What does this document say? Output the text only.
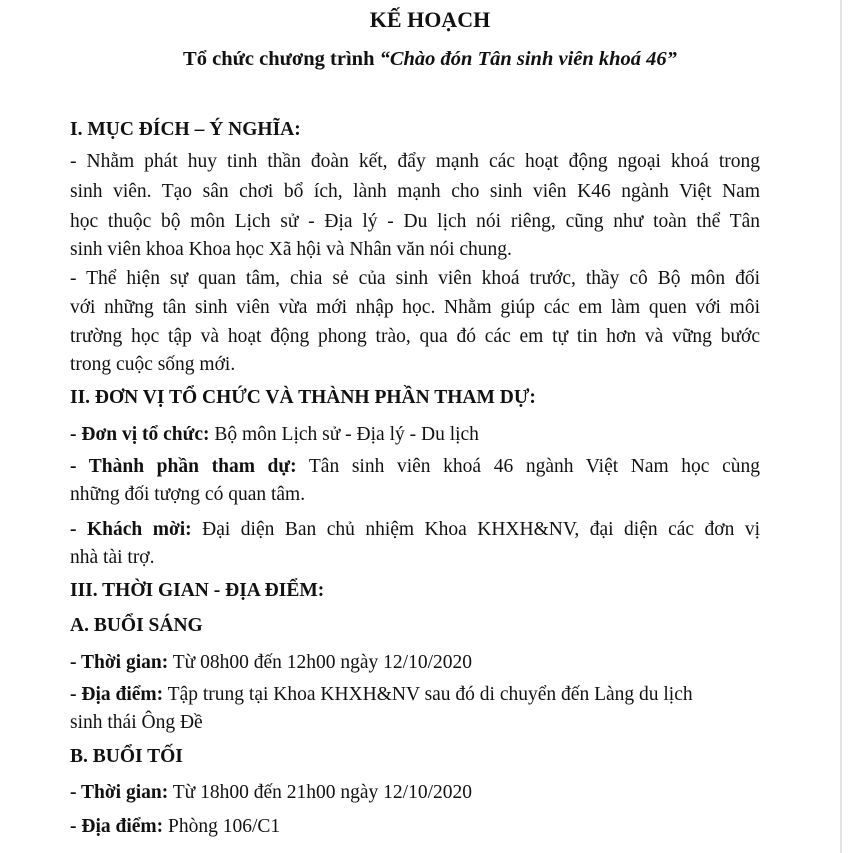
KẾ HOẠCH
Tổ chức chương trình “Chào đón Tân sinh viên khoá 46”
I. MỤC ĐÍCH – Ý NGHĨA:
- Nhằm phát huy tinh thần đoàn kết, đẩy mạnh các hoạt động ngoại khoá trong
sinh viên. Tạo sân chơi bổ ích, lành mạnh cho sinh viên K46 ngành Việt Nam
học thuộc bộ môn Lịch sử - Địa lý - Du lịch nói riêng, cũng như toàn thể Tân
sinh viên khoa Khoa học Xã hội và Nhân văn nói chung.
- Thể hiện sự quan tâm, chia sẻ của sinh viên khoá trước, thầy cô Bộ môn đối
với những tân sinh viên vừa mới nhập học. Nhằm giúp các em làm quen với môi
trường học tập và hoạt động phong trào, qua đó các em tự tin hơn và vững bước
trong cuộc sống mới.
II. ĐƠN VỊ TỔ CHỨC VÀ THÀNH PHẦN THAM DỰ:
- Đơn vị tổ chức: Bộ môn Lịch sử - Địa lý - Du lịch
- Thành phần tham dự: Tân sinh viên khoá 46 ngành Việt Nam học cùng
những đối tượng có quan tâm.
- Khách mời: Đại diện Ban chủ nhiệm Khoa KHXH&NV, đại diện các đơn vị
nhà tài trợ.
III. THỜI GIAN - ĐỊA ĐIỂM:
A. BUỔI SÁNG
- Thời gian: Từ 08h00 đến 12h00 ngày 12/10/2020
- Địa điểm: Tập trung tại Khoa KHXH&NV sau đó di chuyển đến Làng du lịch
sinh thái Ông Đề
B. BUỔI TỐI
- Thời gian: Từ 18h00 đến 21h00 ngày 12/10/2020
- Địa điểm: Phòng 106/C1
